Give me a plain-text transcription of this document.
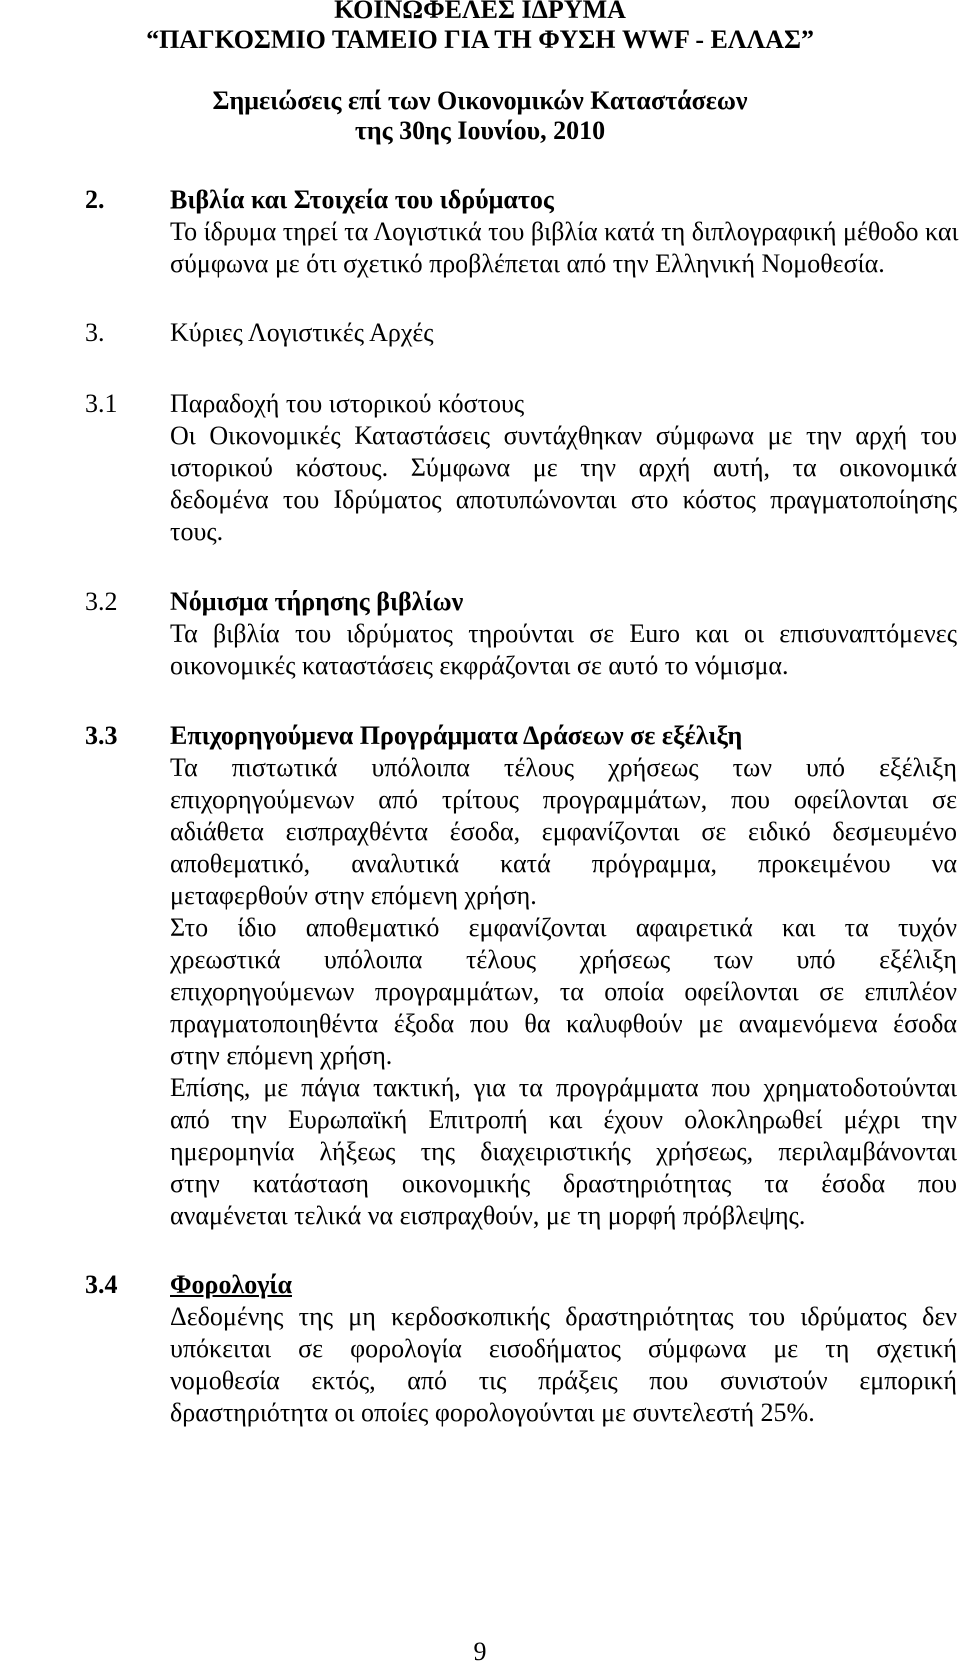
ΚΟΙΝΩΦΕΛΕΣ ΙΔΡΥΜΑ
“ΠΑΓΚΟΣΜΙΟ ΤΑΜΕΙΟ ΓΙΑ ΤΗ ΦΥΣΗ WWF - ΕΛΛΑΣ”
Σημειώσεις επί των Οικονομικών Καταστάσεων
της 30ης Ιουνίου, 2010
2.	Βιβλία και Στοιχεία του ιδρύματος
Το ίδρυμα τηρεί τα Λογιστικά του βιβλία κατά τη διπλογραφική μέθοδο και
σύμφωνα με ότι σχετικό προβλέπεται από την Ελληνική Νομοθεσία.
3.	Κύριες Λογιστικές Αρχές
3.1 Παραδοχή του ιστορικού κόστους
Οι Οικονομικές Καταστάσεις συντάχθηκαν σύμφωνα με την αρχή του
ιστορικού κόστους. Σύμφωνα με την αρχή αυτή, τα οικονομικά
δεδομένα του Ιδρύματος αποτυπώνονται στο κόστος πραγματοποίησης
τους.
3.2 Νόμισμα τήρησης βιβλίων
Τα βιβλία του ιδρύματος τηρούνται σε Euro και οι επισυναπτόμενες
οικονομικές καταστάσεις εκφράζονται σε αυτό το νόμισμα.
3.3 Επιχορηγούμενα Προγράμματα Δράσεων σε εξέλιξη
Τα πιστωτικά υπόλοιπα τέλους χρήσεως των υπό εξέλιξη
επιχορηγούμενων από τρίτους προγραμμάτων, που οφείλονται σε
αδιάθετα εισπραχθέντα έσοδα, εμφανίζονται σε ειδικό δεσμευμένο
αποθεματικό, αναλυτικά κατά πρόγραμμα, προκειμένου να
μεταφερθούν στην επόμενη χρήση.
Στο ίδιο αποθεματικό εμφανίζονται αφαιρετικά και τα τυχόν
χρεωστικά υπόλοιπα τέλους χρήσεως των υπό εξέλιξη
επιχορηγούμενων προγραμμάτων, τα οποία οφείλονται σε επιπλέον
πραγματοποιηθέντα έξοδα που θα καλυφθούν με αναμενόμενα έσοδα
στην επόμενη χρήση.
Επίσης, με πάγια τακτική, για τα προγράμματα που χρηματοδοτούνται
από την Ευρωπαϊκή Επιτροπή και έχουν ολοκληρωθεί μέχρι την
ημερομηνία λήξεως της διαχειριστικής χρήσεως, περιλαμβάνονται
στην κατάσταση οικονομικής δραστηριότητας τα έσοδα που
αναμένεται τελικά να εισπραχθούν, με τη μορφή πρόβλεψης.
3.4 Φορολογία
Δεδομένης της μη κερδοσκοπικής δραστηριότητας του ιδρύματος δεν
υπόκειται σε φορολογία εισοδήματος σύμφωνα με τη σχετική
νομοθεσία εκτός, από τις πράξεις που συνιστούν εμπορική
δραστηριότητα οι οποίες φορολογούνται με συντελεστή 25%.
9
